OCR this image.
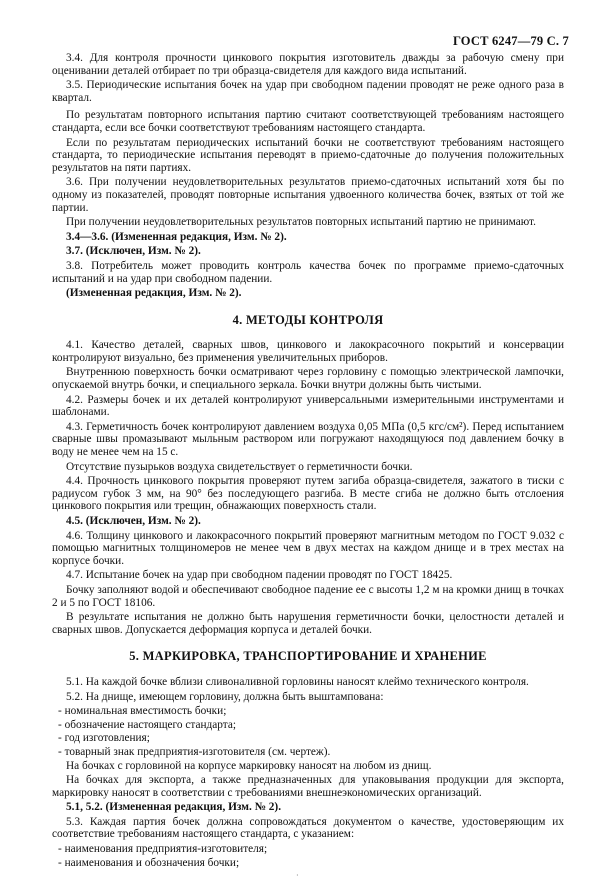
ГОСТ 6247—79 С. 7

3.4. Для контроля прочности цинкового покрытия изготовитель дважды за рабочую смену при оценивании деталей отбирает по три образца-свидетеля для каждого вида испытаний.

3.5. Периодические испытания бочек на удар при свободном падении проводят не реже одного раза в квартал.

По результатам повторного испытания партию считают соответствующей требованиям настоящего стандарта, если все бочки соответствуют требованиям настоящего стандарта.

Если по результатам периодических испытаний бочки не соответствуют требованиям настоящего стандарта, то периодические испытания переводят в приемо-сдаточные до получения положительных результатов на пяти партиях.

3.6. При получении неудовлетворительных результатов приемо-сдаточных испытаний хотя бы по одному из показателей, проводят повторные испытания удвоенного количества бочек, взятых от той же партии.

При получении неудовлетворительных результатов повторных испытаний партию не принимают.

3.4—3.6. (Измененная редакция, Изм. № 2).

3.7. (Исключен, Изм. № 2).

3.8. Потребитель может проводить контроль качества бочек по программе приемо-сдаточных испытаний и на удар при свободном падении.

(Измененная редакция, Изм. № 2).

4. МЕТОДЫ КОНТРОЛЯ

4.1. Качество деталей, сварных швов, цинкового и лакокрасочного покрытий и консервации контролируют визуально, без применения увеличительных приборов.

Внутреннюю поверхность бочки осматривают через горловину с помощью электрической лампочки, опускаемой внутрь бочки, и специального зеркала. Бочки внутри должны быть чистыми.

4.2. Размеры бочек и их деталей контролируют универсальными измерительными инструментами и шаблонами.

4.3. Герметичность бочек контролируют давлением воздуха 0,05 МПа (0,5 кгс/см²). Перед испытанием сварные швы промазывают мыльным раствором или погружают находящуюся под давлением бочку в воду не менее чем на 15 с.

Отсутствие пузырьков воздуха свидетельствует о герметичности бочки.

4.4. Прочность цинкового покрытия проверяют путем загиба образца-свидетеля, зажатого в тиски с радиусом губок 3 мм, на 90° без последующего разгиба. В месте сгиба не должно быть отслоения цинкового покрытия или трещин, обнажающих поверхность стали.

4.5. (Исключен, Изм. № 2).

4.6. Толщину цинкового и лакокрасочного покрытий проверяют магнитным методом по ГОСТ 9.032 с помощью магнитных толщиномеров не менее чем в двух местах на каждом днище и в трех местах на корпусе бочки.

4.7. Испытание бочек на удар при свободном падении проводят по ГОСТ 18425.

Бочку заполняют водой и обеспечивают свободное падение ее с высоты 1,2 м на кромки днищ в точках 2 и 5 по ГОСТ 18106.

В результате испытания не должно быть нарушения герметичности бочки, целостности деталей и сварных швов. Допускается деформация корпуса и деталей бочки.

5. МАРКИРОВКА, ТРАНСПОРТИРОВАНИЕ И ХРАНЕНИЕ

5.1. На каждой бочке вблизи сливоналивной горловины наносят клеймо технического контроля.

5.2. На днище, имеющем горловину, должна быть выштампована:

- номинальная вместимость бочки;

- обозначение настоящего стандарта;

- год изготовления;

- товарный знак предприятия-изготовителя (см. чертеж).

На бочках с горловиной на корпусе маркировку наносят на любом из днищ.

На бочках для экспорта, а также предназначенных для упаковывания продукции для экспорта, маркировку наносят в соответствии с требованиями внешнеэкономических организаций.

5.1, 5.2. (Измененная редакция, Изм. № 2).

5.3. Каждая партия бочек должна сопровождаться документом о качестве, удостоверяющим их соответствие требованиям настоящего стандарта, с указанием:

- наименования предприятия-изготовителя;

- наименования и обозначения бочки;

·
